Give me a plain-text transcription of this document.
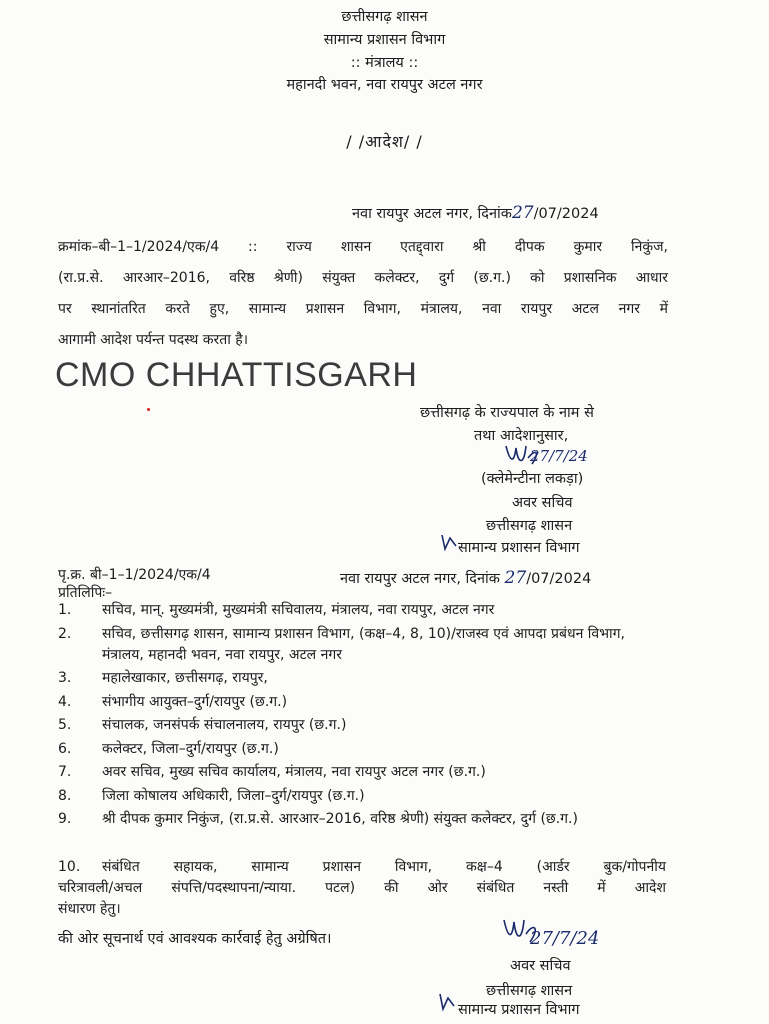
छत्तीसगढ़ शासन
सामान्य प्रशासन विभाग
:: मंत्रालय ::
महानदी भवन, नवा रायपुर अटल नगर
/ /आदेश/ /
नवा रायपुर अटल नगर, दिनांक27/07/2024
क्रमांक–बी–1–1/2024/एक/4 :: राज्य शासन एतद्द्वारा श्री दीपक कुमार निकुंज,
(रा.प्र.से. आरआर–2016, वरिष्ठ श्रेणी) संयुक्त कलेक्टर, दुर्ग (छ.ग.) को प्रशासनिक आधार
पर स्थानांतरित करते हुए, सामान्य प्रशासन विभाग, मंत्रालय, नवा रायपुर अटल नगर में
आगामी आदेश पर्यन्त पदस्थ करता है।
CMO CHHATTISGARH
छत्तीसगढ़ के राज्यपाल के नाम से
तथा आदेशानुसार,
27/7/24
(क्लेमेन्टीना लकड़ा)
अवर सचिव
छत्तीसगढ़ शासन
सामान्य प्रशासन विभाग
पृ.क्र. बी–1–1/2024/एक/4	नवा रायपुर अटल नगर, दिनांक 27/07/2024
प्रतिलिपिः–
1.	सचिव, मान्. मुख्यमंत्री, मुख्यमंत्री सचिवालय, मंत्रालय, नवा रायपुर, अटल नगर
2.	सचिव, छत्तीसगढ़ शासन, सामान्य प्रशासन विभाग, (कक्ष–4, 8, 10)/राजस्व एवं आपदा प्रबंधन विभाग, मंत्रालय, महानदी भवन, नवा रायपुर, अटल नगर
3.	महालेखाकार, छत्तीसगढ़, रायपुर,
4.	संभागीय आयुक्त–दुर्ग/रायपुर (छ.ग.)
5.	संचालक, जनसंपर्क संचालनालय, रायपुर (छ.ग.)
6.	कलेक्टर, जिला–दुर्ग/रायपुर (छ.ग.)
7.	अवर सचिव, मुख्य सचिव कार्यालय, मंत्रालय, नवा रायपुर अटल नगर (छ.ग.)
8.	जिला कोषालय अधिकारी, जिला–दुर्ग/रायपुर (छ.ग.)
9.	श्री दीपक कुमार निकुंज, (रा.प्र.से. आरआर–2016, वरिष्ठ श्रेणी) संयुक्त कलेक्टर, दुर्ग (छ.ग.)
10. संबंधित सहायक, सामान्य प्रशासन विभाग, कक्ष–4 (आर्डर बुक/गोपनीय
चरित्रावली/अचल संपत्ति/पदस्थापना/न्याया. पटल) की ओर संबंधित नस्ती में आदेश
संधारण हेतु।
की ओर सूचनार्थ एवं आवश्यक कार्रवाई हेतु अग्रेषित।	27/7/24
अवर सचिव
छत्तीसगढ़ शासन
सामान्य प्रशासन विभाग
